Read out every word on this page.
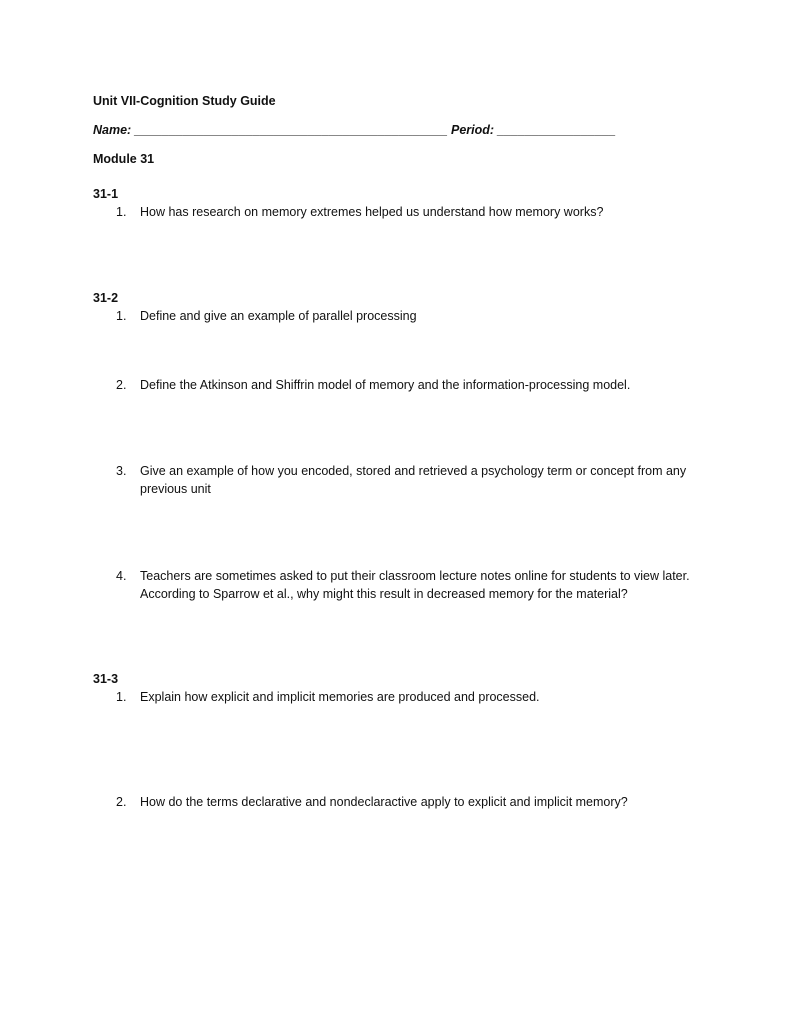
Unit VII-Cognition Study Guide
Name: _____________________________________________ Period: _________________
Module 31
31-1
1.	How has research on memory extremes helped us understand how memory works?
31-2
1.	Define and give an example of parallel processing
2.	Define the Atkinson and Shiffrin model of memory and the information-processing model.
3.	Give an example of how you encoded, stored and retrieved a psychology term or concept from any previous unit
4.	Teachers are sometimes asked to put their classroom lecture notes online for students to view later. According to Sparrow et al., why might this result in decreased memory for the material?
31-3
1.	Explain how explicit and implicit memories are produced and processed.
2.	How do the terms declarative and nondeclaractive apply to explicit and implicit memory?
